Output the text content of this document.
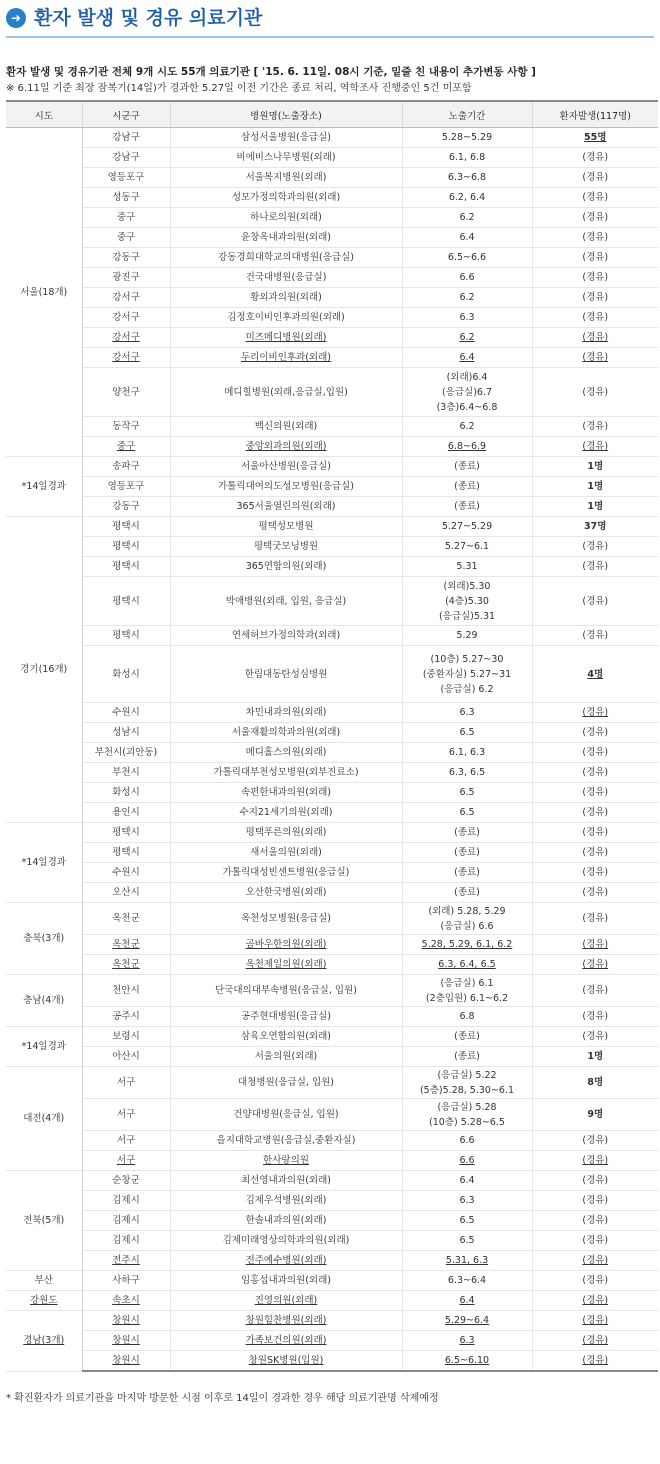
➜ 환자 발생 및 경유 의료기관
환자 발생 및 경유기관 전체 9개 시도 55개 의료기관 [ '15. 6. 11일. 08시 기준, 밑줄 친 내용이 추가변동 사항 ]
※ 6.11일 기준 최장 잠복기(14일)가 경과한 5.27일 이전 기간은 종료 처리, 역학조사 진행중인 5건 미포함
시도	시군구	병원명(노출장소)	노출기간	환자발생(117명)
서울(18개)	강남구	삼성서울병원(응급실)	5.28~5.29	55명
	강남구	비에비스나무병원(외래)	6.1, 6.8	(경유)
	영등포구	서울복지병원(외래)	6.3~6.8	(경유)
	성동구	성모가정의학과의원(외래)	6.2, 6.4	(경유)
	중구	하나로의원(외래)	6.2	(경유)
	중구	윤창옥내과의원(외래)	6.4	(경유)
	강동구	강동경희대학교의대병원(응급실)	6.5~6.6	(경유)
	광진구	건국대병원(응급실)	6.6	(경유)
	강서구	황외과의원(외래)	6.2	(경유)
	강서구	김정호이비인후과의원(외래)	6.3	(경유)
	강서구	미즈메디병원(외래)	6.2	(경유)
	강서구	두리이비인후과(외래)	6.4	(경유)
	양천구	메디힐병원(외래,응급실,입원)	(외래)6.4
(응급실)6.7
(3층)6.4~6.8	(경유)
	동작구	백신의원(외래)	6.2	(경유)
	중구	중앙외과의원(외래)	6.8~6.9	(경유)
*14일경과	송파구	서울아산병원(응급실)	(종료)	1명
	영등포구	가톨릭대여의도성모병원(응급실)	(종료)	1명
	강동구	365서울열린의원(외래)	(종료)	1명
경기(16개)	평택시	평택성모병원	5.27~5.29	37명
	평택시	평택굿모닝병원	5.27~6.1	(경유)
	평택시	365연합의원(외래)	5.31	(경유)
	평택시	박애병원(외래, 입원, 응급실)	(외래)5.30
(4층)5.30
(응급실)5.31	(경유)
	평택시	연세허브가정의학과(외래)	5.29	(경유)
	화성시	한림대동탄성심병원	(10층) 5.27~30
(중환자실) 5.27~31
(응급실) 6.2	4명
	수원시	차민내과의원(외래)	6.3	(경유)
	성남시	서울재활의학과의원(외래)	6.5	(경유)
	부천시(괴안동)	메디홀스의원(외래)	6.1, 6.3	(경유)
	부천시	가톨릭대부천성모병원(외부진료소)	6.3, 6.5	(경유)
	화성시	속편한내과의원(외래)	6.5	(경유)
	용인시	수지21세기의원(외래)	6.5	(경유)
*14일경과	평택시	평택푸른의원(외래)	(종료)	(경유)
	평택시	새서울의원(외래)	(종료)	(경유)
	수원시	가톨릭대성빈센트병원(응급실)	(종료)	(경유)
	오산시	오산한국병원(외래)	(종료)	(경유)
충북(3개)	옥천군	옥천성모병원(응급실)	(외래) 5.28, 5.29
(응급실) 6.6	(경유)
	옥천군	곰바우한의원(외래)	5.28, 5.29, 6.1, 6.2	(경유)
	옥천군	옥천제일의원(외래)	6.3, 6.4, 6.5	(경유)
충남(4개)	천안시	단국대의대부속병원(응급실, 입원)	(응급실) 6.1
(2층입원) 6.1~6.2	(경유)
	공주시	공주현대병원(응급실)	6.8	(경유)
*14일경과	보령시	삼육오연합의원(외래)	(종료)	(경유)
	아산시	서울의원(외래)	(종료)	1명
대전(4개)	서구	대청병원(응급실, 입원)	(응급실) 5.22
(5층)5.28, 5.30~6.1	8명
	서구	건양대병원(응급실, 입원)	(응급실) 5.28
(10층) 5.28~6.5	9명
	서구	을지대학교병원(응급실,중환자실)	6.6	(경유)
	서구	한사랑의원	6.6	(경유)
전북(5개)	순창군	최선영내과의원(외래)	6.4	(경유)
	김제시	김제우석병원(외래)	6.3	(경유)
	김제시	한솔내과의원(외래)	6.5	(경유)
	김제시	김제미래영상의학과의원(외래)	6.5	(경유)
	전주시	전주예수병원(외래)	5.31, 6.3	(경유)
부산	사하구	임홍섭내과의원(외래)	6.3~6.4	(경유)
강원도	속초시	진영의원(외래)	6.4	(경유)
경남(3개)	창원시	창원힘찬병원(외래)	5.29~6.4	(경유)
	창원시	가족보건의원(외래)	6.3	(경유)
	창원시	창원SK병원(입원)	6.5~6.10	(경유)
* 확진환자가 의료기관을 마지막 방문한 시점 이후로 14일이 경과한 경우 해당 의료기관명 삭제예정
